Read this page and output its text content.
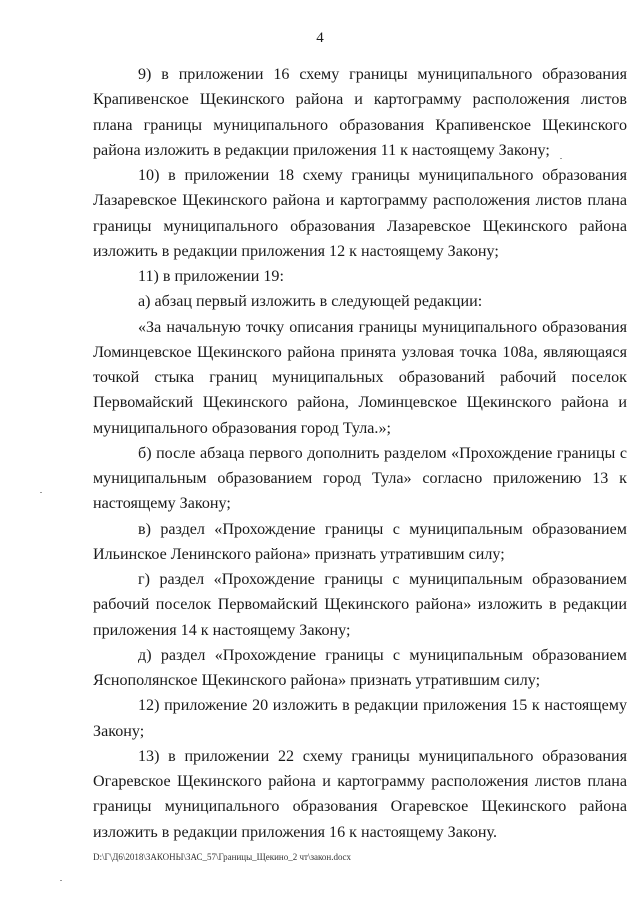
4

9) в приложении 16 схему границы муниципального образования Крапивенское Щекинского района и картограмму расположения листов плана границы муниципального образования Крапивенское Щекинского района изложить в редакции приложения 11 к настоящему Закону;

10) в приложении 18 схему границы муниципального образования Лазаревское Щекинского района и картограмму расположения листов плана границы муниципального образования Лазаревское Щекинского района изложить в редакции приложения 12 к настоящему Закону;

11) в приложении 19:

а) абзац первый изложить в следующей редакции:

«За начальную точку описания границы муниципального образования Ломинцевское Щекинского района принята узловая точка 108а, являющаяся точкой стыка границ муниципальных образований рабочий поселок Первомайский Щекинского района, Ломинцевское Щекинского района и муниципального образования город Тула.»;

б) после абзаца первого дополнить разделом «Прохождение границы с муниципальным образованием город Тула» согласно приложению 13 к настоящему Закону;

в) раздел «Прохождение границы с муниципальным образованием Ильинское Ленинского района» признать утратившим силу;

г) раздел «Прохождение границы с муниципальным образованием рабочий поселок Первомайский Щекинского района» изложить в редакции приложения 14 к настоящему Закону;

д) раздел «Прохождение границы с муниципальным образованием Яснополянское Щекинского района» признать утратившим силу;

12) приложение 20 изложить в редакции приложения 15 к настоящему Закону;

13) в приложении 22 схему границы муниципального образования Огаревское Щекинского района и картограмму расположения листов плана границы муниципального образования Огаревское Щекинского района изложить в редакции приложения 16 к настоящему Закону.

D:\Г\Д6\2018\ЗАКОНЫ\ЗАС_57\Границы_Щекино_2 чт\закон.docx
